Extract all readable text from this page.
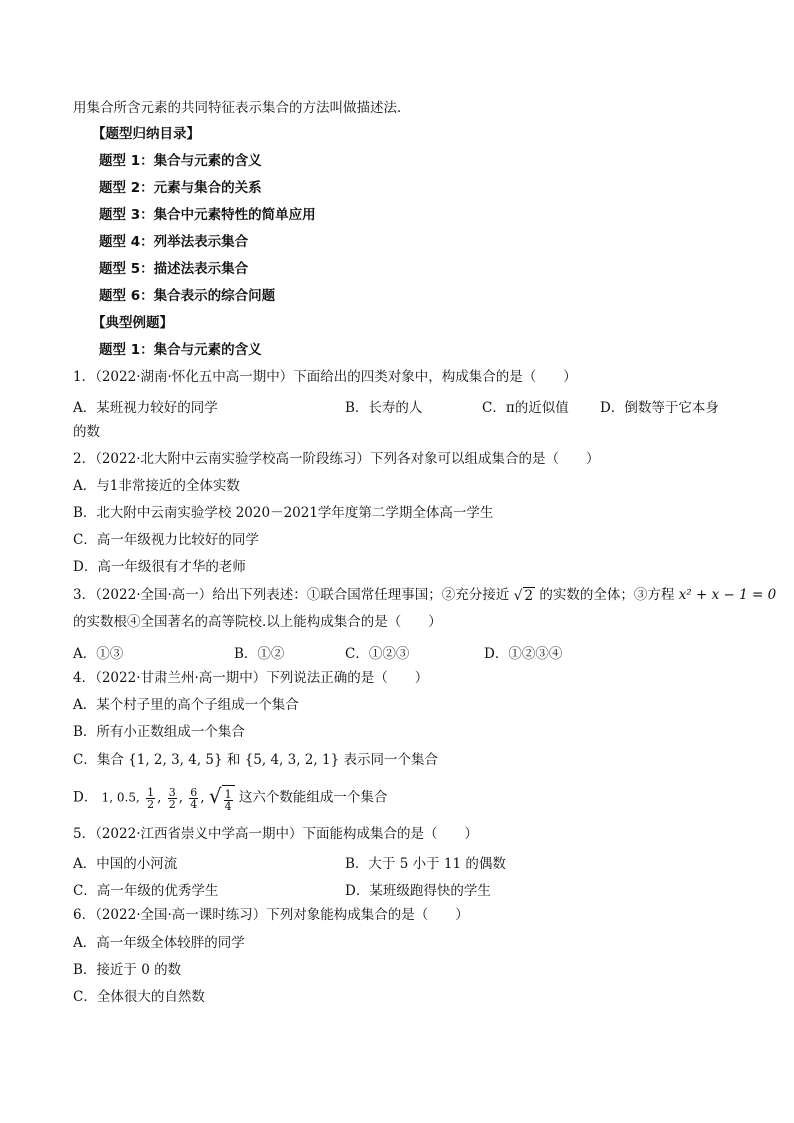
用集合所含元素的共同特征表示集合的方法叫做描述法．
【题型归纳目录】
题型 1：集合与元素的含义
题型 2：元素与集合的关系
题型 3：集合中元素特性的简单应用
题型 4：列举法表示集合
题型 5：描述法表示集合
题型 6：集合表示的综合问题
【典型例题】
题型 1：集合与元素的含义
1．（2022·湖南·怀化五中高一期中）下面给出的四类对象中，构成集合的是（　　）
A．某班视力较好的同学	B．长寿的人	C．π的近似值 D．倒数等于它本身
的数
2．（2022·北大附中云南实验学校高一阶段练习）下列各对象可以组成集合的是（　　）
A．与1非常接近的全体实数
B．北大附中云南实验学校 2020－2021学年度第二学期全体高一学生
C．高一年级视力比较好的同学
D．高一年级很有才华的老师
3．（2022·全国·高一）给出下列表述：①联合国常任理事国；②充分接近 √ 2 的实数的全体；③方程 x² + x − 1 = 0
的实数根④全国著名的高等院校.以上能构成集合的是（　　）
A．①③	B．①②	C．①②③	D．①②③④
4．（2022·甘肃兰州·高一期中）下列说法正确的是（　　）
A．某个村子里的高个子组成一个集合
B．所有小正数组成一个集合
C．集合 {1, 2, 3, 4, 5} 和 {5, 4, 3, 2, 1} 表示同一个集合
D． 1, 0.5, $\frac{1}{2}$ , $\frac{3}{2}$ , $\frac{6}{4}$ , √ $\frac{1}{4}$ 这六个数能组成一个集合
5．（2022·江西省崇义中学高一期中）下面能构成集合的是（　　）
A．中国的小河流	B．大于 5 小于 11 的偶数
C．高一年级的优秀学生	D．某班级跑得快的学生
6．（2022·全国·高一课时练习）下列对象能构成集合的是（　　）
A．高一年级全体较胖的同学
B．接近于 0 的数
C．全体很大的自然数
